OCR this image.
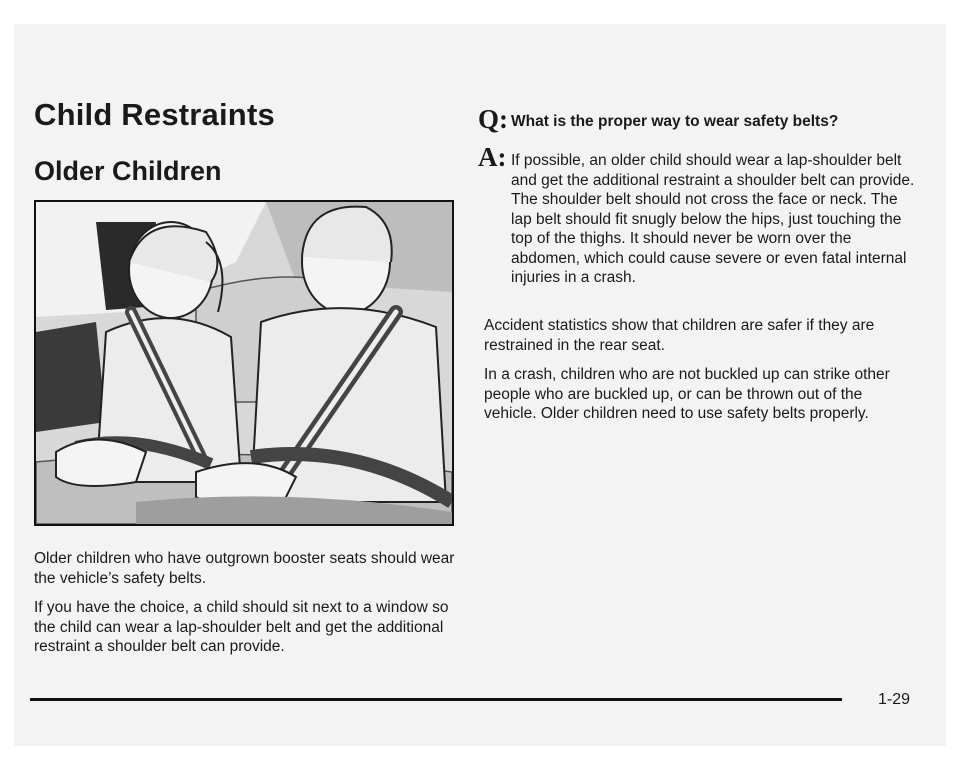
Child Restraints
Older Children

Older children who have outgrown booster seats should wear the vehicle’s safety belts.

If you have the choice, a child should sit next to a window so the child can wear a lap-shoulder belt and get the additional restraint a shoulder belt can provide.

Q: What is the proper way to wear safety belts?
A: If possible, an older child should wear a lap-shoulder belt and get the additional restraint a shoulder belt can provide. The shoulder belt should not cross the face or neck. The lap belt should fit snugly below the hips, just touching the top of the thighs. It should never be worn over the abdomen, which could cause severe or even fatal internal injuries in a crash.

Accident statistics show that children are safer if they are restrained in the rear seat.

In a crash, children who are not buckled up can strike other people who are buckled up, or can be thrown out of the vehicle. Older children need to use safety belts properly.

1-29
